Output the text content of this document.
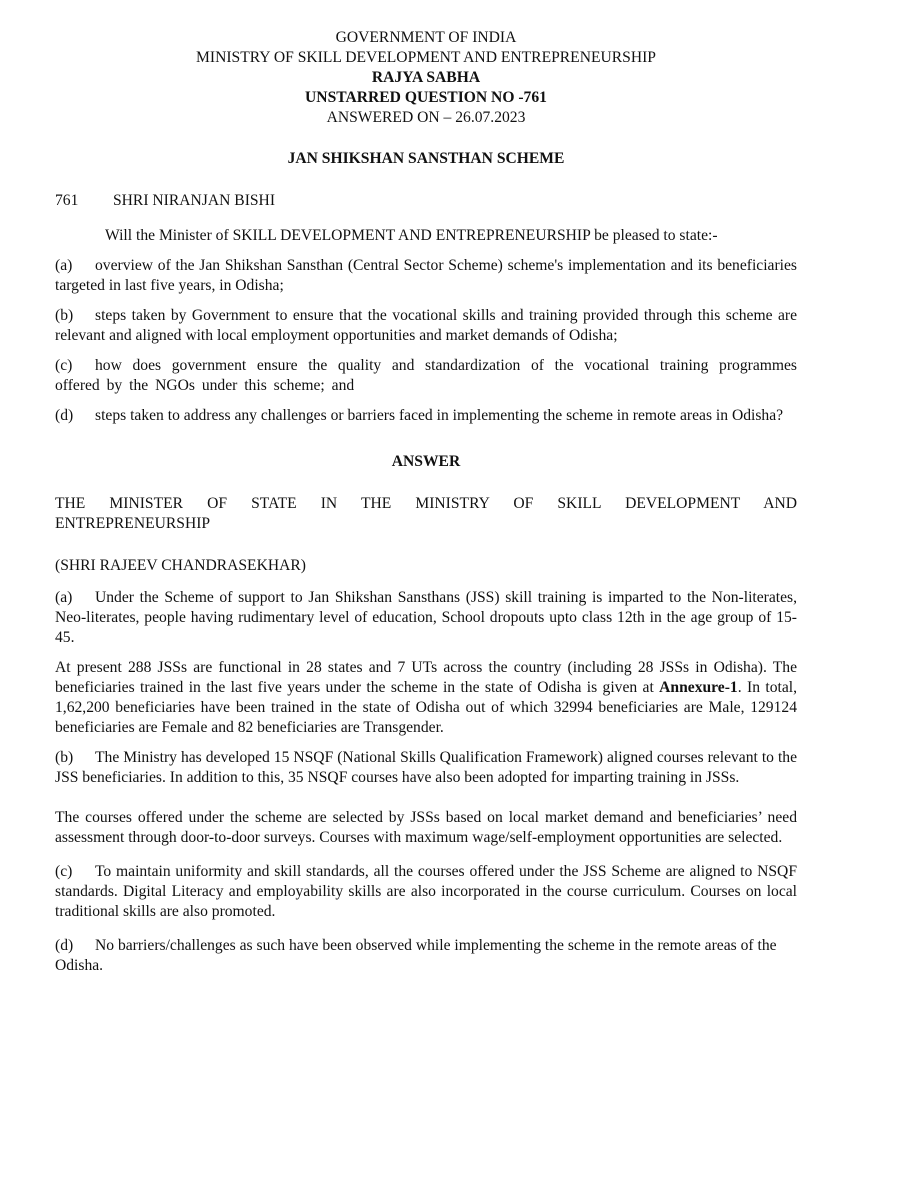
GOVERNMENT OF INDIA

MINISTRY OF SKILL DEVELOPMENT AND ENTREPRENEURSHIP

RAJYA SABHA

UNSTARRED QUESTION NO -761

ANSWERED ON – 26.07.2023

JAN SHIKSHAN SANSTHAN SCHEME

761 SHRI NIRANJAN BISHI

Will the Minister of SKILL DEVELOPMENT AND ENTREPRENEURSHIP be pleased to state:-

(a) overview of the Jan Shikshan Sansthan (Central Sector Scheme) scheme's implementation and its beneficiaries targeted in last five years, in Odisha;

(b) steps taken by Government to ensure that the vocational skills and training provided through this scheme are relevant and aligned with local employment opportunities and market demands of Odisha;

(c) how does government ensure the quality and standardization of the vocational training programmes offered by the NGOs under this scheme; and

(d) steps taken to address any challenges or barriers faced in implementing the scheme in remote areas in Odisha?

ANSWER

THE MINISTER OF STATE IN THE MINISTRY OF SKILL DEVELOPMENT AND ENTREPRENEURSHIP

(SHRI RAJEEV CHANDRASEKHAR)

(a) Under the Scheme of support to Jan Shikshan Sansthans (JSS) skill training is imparted to the Non-literates, Neo-literates, people having rudimentary level of education, School dropouts upto class 12th in the age group of 15-45.

At present 288 JSSs are functional in 28 states and 7 UTs across the country (including 28 JSSs in Odisha). The beneficiaries trained in the last five years under the scheme in the state of Odisha is given at Annexure-1. In total, 1,62,200 beneficiaries have been trained in the state of Odisha out of which 32994 beneficiaries are Male, 129124 beneficiaries are Female and 82 beneficiaries are Transgender.

(b) The Ministry has developed 15 NSQF (National Skills Qualification Framework) aligned courses relevant to the JSS beneficiaries. In addition to this, 35 NSQF courses have also been adopted for imparting training in JSSs.

The courses offered under the scheme are selected by JSSs based on local market demand and beneficiaries’ need assessment through door-to-door surveys. Courses with maximum wage/self-employment opportunities are selected.

(c) To maintain uniformity and skill standards, all the courses offered under the JSS Scheme are aligned to NSQF standards. Digital Literacy and employability skills are also incorporated in the course curriculum. Courses on local traditional skills are also promoted.

(d) No barriers/challenges as such have been observed while implementing the scheme in the remote areas of the Odisha.
